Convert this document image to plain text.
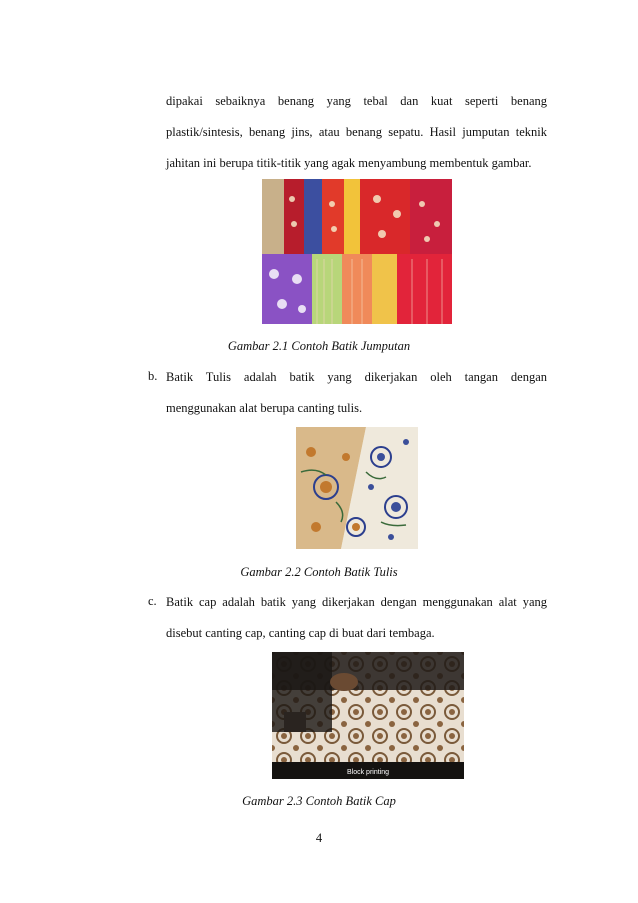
dipakai sebaiknya benang yang tebal dan kuat seperti benang
plastik/sintesis, benang jins, atau benang sepatu. Hasil jumputan teknik
jahitan ini berupa titik-titik yang agak menyambung membentuk gambar.
Gambar 2.1 Contoh Batik Jumputan
b. Batik Tulis adalah batik yang dikerjakan oleh tangan dengan
menggunakan alat berupa canting tulis.
Gambar 2.2 Contoh Batik Tulis
c. Batik cap adalah batik yang dikerjakan dengan menggunakan alat yang
disebut canting cap, canting cap di buat dari tembaga.
Block printing
Gambar 2.3 Contoh Batik Cap
4
